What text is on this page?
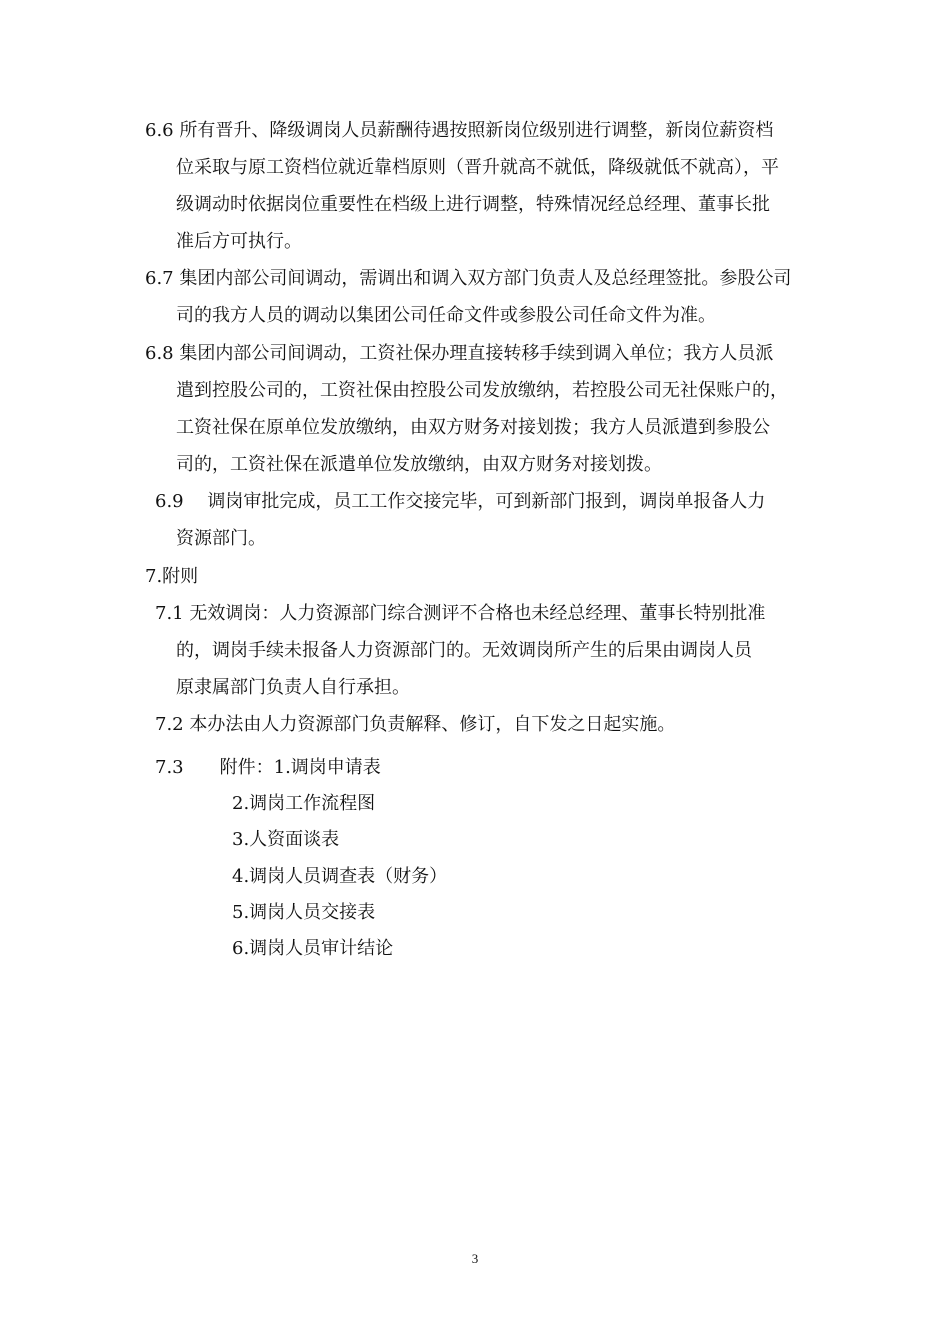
6.6 所有晋升、降级调岗人员薪酬待遇按照新岗位级别进行调整，新岗位薪资档
位采取与原工资档位就近靠档原则（晋升就高不就低，降级就低不就高），平
级调动时依据岗位重要性在档级上进行调整，特殊情况经总经理、董事长批
准后方可执行。
6.7 集团内部公司间调动，需调出和调入双方部门负责人及总经理签批。参股公司
司的我方人员的调动以集团公司任命文件或参股公司任命文件为准。
6.8 集团内部公司间调动，工资社保办理直接转移手续到调入单位；我方人员派
遣到控股公司的，工资社保由控股公司发放缴纳，若控股公司无社保账户的，
工资社保在原单位发放缴纳，由双方财务对接划拨；我方人员派遣到参股公
司的，工资社保在派遣单位发放缴纳，由双方财务对接划拨。
6.9　 调岗审批完成，员工工作交接完毕，可到新部门报到，调岗单报备人力
资源部门。
7.附则
7.1 无效调岗：人力资源部门综合测评不合格也未经总经理、董事长特别批准
的，调岗手续未报备人力资源部门的。无效调岗所产生的后果由调岗人员
原隶属部门负责人自行承担。
7.2 本办法由人力资源部门负责解释、修订，自下发之日起实施。
7.3　　附件：1.调岗申请表
2.调岗工作流程图
3.人资面谈表
4.调岗人员调查表（财务）
5.调岗人员交接表
6.调岗人员审计结论
3
